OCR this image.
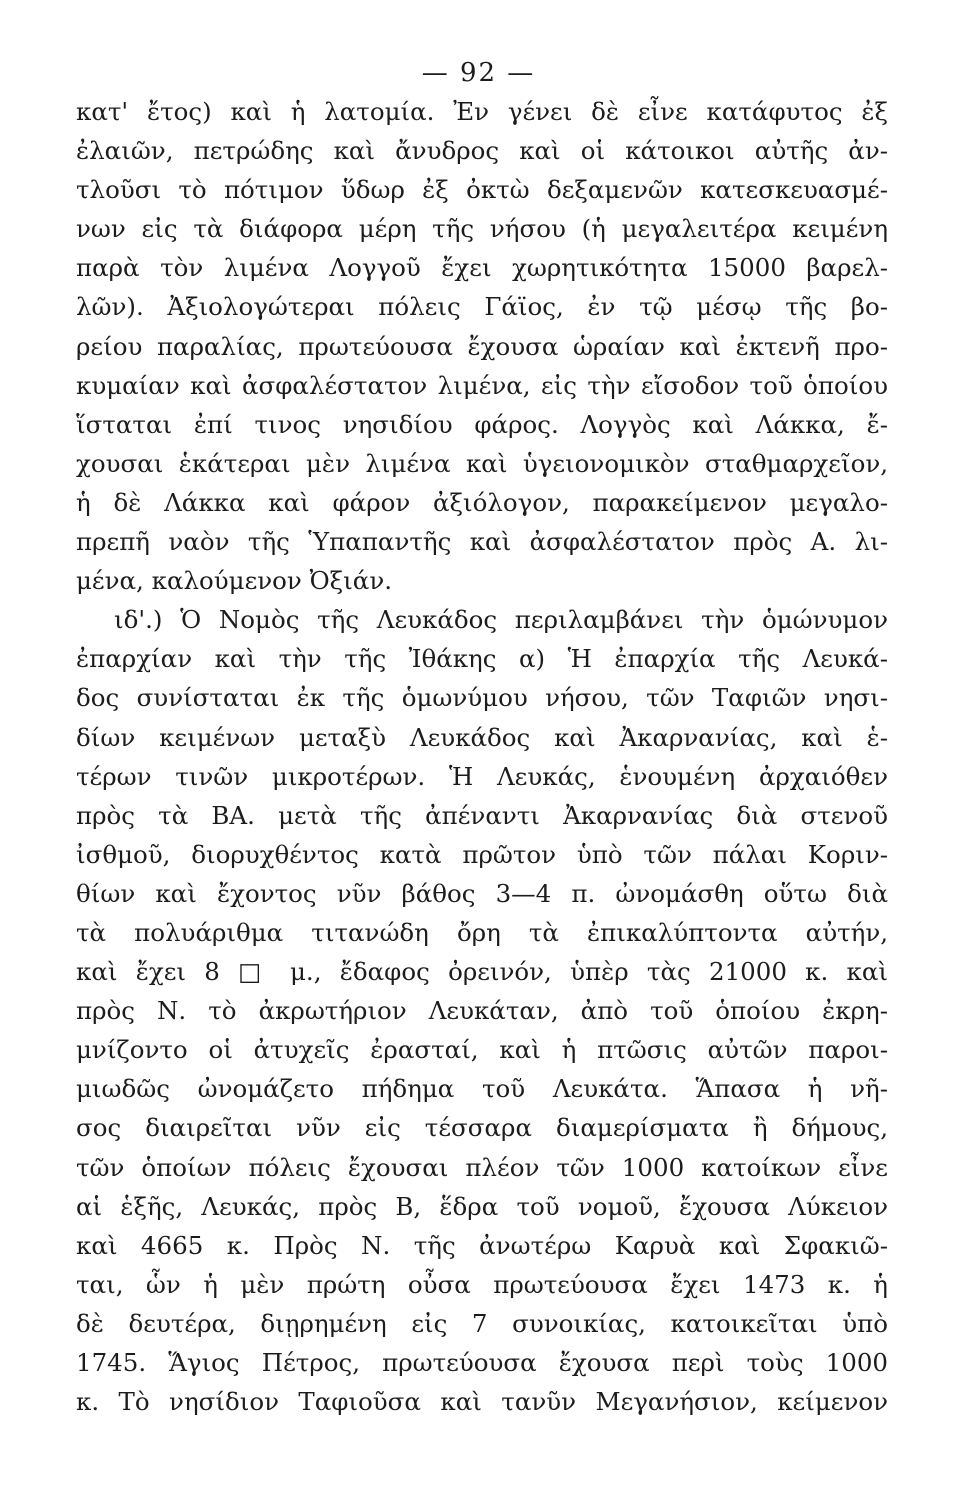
— 92 —
κατ' ἔτος) καὶ ἡ λατομία. Ἐν γένει δὲ εἶνε κατάφυτος ἐξ
ἐλαιῶν, πετρώδης καὶ ἄνυδρος καὶ οἱ κάτοικοι αὐτῆς ἀν-
τλοῦσι τὸ πότιμον ὕδωρ ἐξ ὀκτὼ δεξαμενῶν κατεσκευασμέ-
νων εἰς τὰ διάφορα μέρη τῆς νήσου (ἡ μεγαλειτέρα κειμένη
παρὰ τὸν λιμένα Λογγοῦ ἔχει χωρητικότητα 15000 βαρελ-
λῶν). Ἀξιολογώτεραι πόλεις Γάϊος, ἐν τῷ μέσῳ τῆς βο-
ρείου παραλίας, πρωτεύουσα ἔχουσα ὡραίαν καὶ ἐκτενῆ προ-
κυμαίαν καὶ ἀσφαλέστατον λιμένα, εἰς τὴν εἴσοδον τοῦ ὁποίου
ἵσταται ἐπί τινος νησιδίου φάρος. Λογγὸς καὶ Λάκκα, ἔ-
χουσαι ἑκάτεραι μὲν λιμένα καὶ ὑγειονομικὸν σταθμαρχεῖον,
ἡ δὲ Λάκκα καὶ φάρον ἀξιόλογον, παρακείμενον μεγαλο-
πρεπῆ ναὸν τῆς Ὑπαπαντῆς καὶ ἀσφαλέστατον πρὸς Α. λι-
μένα, καλούμενον Ὀξιάν.
ιδ'.) Ὁ Νομὸς τῆς Λευκάδος περιλαμβάνει τὴν ὁμώνυμον
ἐπαρχίαν καὶ τὴν τῆς Ἰθάκης α) Ἡ ἐπαρχία τῆς Λευκά-
δος συνίσταται ἐκ τῆς ὁμωνύμου νήσου, τῶν Ταφιῶν νησι-
δίων κειμένων μεταξὺ Λευκάδος καὶ Ἀκαρνανίας, καὶ ἑ-
τέρων τινῶν μικροτέρων. Ἡ Λευκάς, ἑνουμένη ἀρχαιόθεν
πρὸς τὰ ΒΑ. μετὰ τῆς ἀπέναντι Ἀκαρνανίας διὰ στενοῦ
ἰσθμοῦ, διορυχθέντος κατὰ πρῶτον ὑπὸ τῶν πάλαι Κοριν-
θίων καὶ ἔχοντος νῦν βάθος 3—4 π. ὠνομάσθη οὕτω διὰ
τὰ πολυάριθμα τιτανώδη ὄρη τὰ ἐπικαλύπτοντα αὐτήν,
καὶ ἔχει 8 □ μ., ἔδαφος ὀρεινόν, ὑπὲρ τὰς 21000 κ. καὶ
πρὸς Ν. τὸ ἀκρωτήριον Λευκάταν, ἀπὸ τοῦ ὁποίου ἐκρη-
μνίζοντο οἱ ἀτυχεῖς ἐρασταί, καὶ ἡ πτῶσις αὐτῶν παροι-
μιωδῶς ὠνομάζετο πήδημα τοῦ Λευκάτα. Ἅπασα ἡ νῆ-
σος διαιρεῖται νῦν εἰς τέσσαρα διαμερίσματα ἢ δήμους,
τῶν ὁποίων πόλεις ἔχουσαι πλέον τῶν 1000 κατοίκων εἶνε
αἱ ἑξῆς, Λευκάς, πρὸς Β, ἕδρα τοῦ νομοῦ, ἔχουσα Λύκειον
καὶ 4665 κ. Πρὸς Ν. τῆς ἀνωτέρω Καρυὰ καὶ Σφακιῶ-
ται, ὧν ἡ μὲν πρώτη οὖσα πρωτεύουσα ἔχει 1473 κ. ἡ
δὲ δευτέρα, διῃρημένη εἰς 7 συνοικίας, κατοικεῖται ὑπὸ
1745. Ἅγιος Πέτρος, πρωτεύουσα ἔχουσα περὶ τοὺς 1000
κ. Τὸ νησίδιον Ταφιοῦσα καὶ τανῦν Μεγανήσιον, κείμενον
